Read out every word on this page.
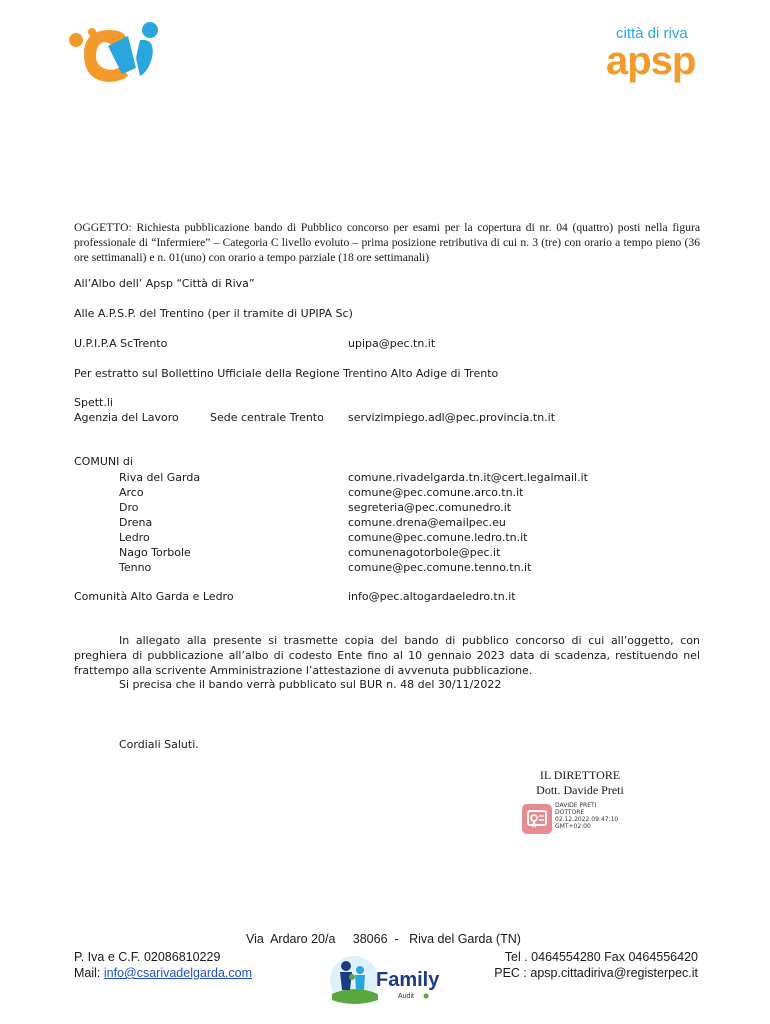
città di riva
apsp
OGGETTO: Richiesta pubblicazione bando di Pubblico concorso per esami per la copertura di nr. 04 (quattro) posti nella figura professionale di “Infermiere” – Categoria C livello evoluto – prima posizione retributiva di cui n. 3 (tre) con orario a tempo pieno (36 ore settimanali) e n. 01(uno) con orario a tempo parziale (18 ore settimanali)
All’Albo dell’ Apsp “Città di Riva”
Alle A.P.S.P. del Trentino (per il tramite di UPIPA Sc)
U.P.I.P.A ScTrento	upipa@pec.tn.it
Per estratto sul Bollettino Ufficiale della Regione Trentino Alto Adige di Trento
Spett.li
Agenzia del Lavoro	Sede centrale Trento servizimpiego.adl@pec.provincia.tn.it
COMUNI di
Riva del Garda	comune.rivadelgarda.tn.it@cert.legalmail.it
Arco	comune@pec.comune.arco.tn.it
Dro	segreteria@pec.comunedro.it
Drena	comune.drena@emailpec.eu
Ledro	comune@pec.comune.ledro.tn.it
Nago Torbole	comunenagotorbole@pec.it
Tenno	comune@pec.comune.tenno.tn.it
Comunità Alto Garda e Ledro	info@pec.altogardaeledro.tn.it

In allegato alla presente si trasmette copia del bando di pubblico concorso di cui all’oggetto, con preghiera di pubblicazione all’albo di codesto Ente fino al 10 gennaio 2023 data di scadenza, restituendo nel frattempo alla scrivente Amministrazione l’attestazione di avvenuta pubblicazione.

Si precisa che il bando verrà pubblicato sul BUR n. 48 del 30/11/2022

Cordiali Saluti.
IL DIRETTORE
Dott. Davide Preti
DAVIDE PRETI
DOTTORE
02.12.2022 09:47:10
GMT+02:00
Via  Ardaro 20/a     38066  -   Riva del Garda (TN)
P. Iva e C.F. 02086810229
Mail: info@csarivadelgarda.com
Tel . 0464554280 Fax 0464556420
PEC : apsp.cittadiriva@registerpec.it
Family
Audit
